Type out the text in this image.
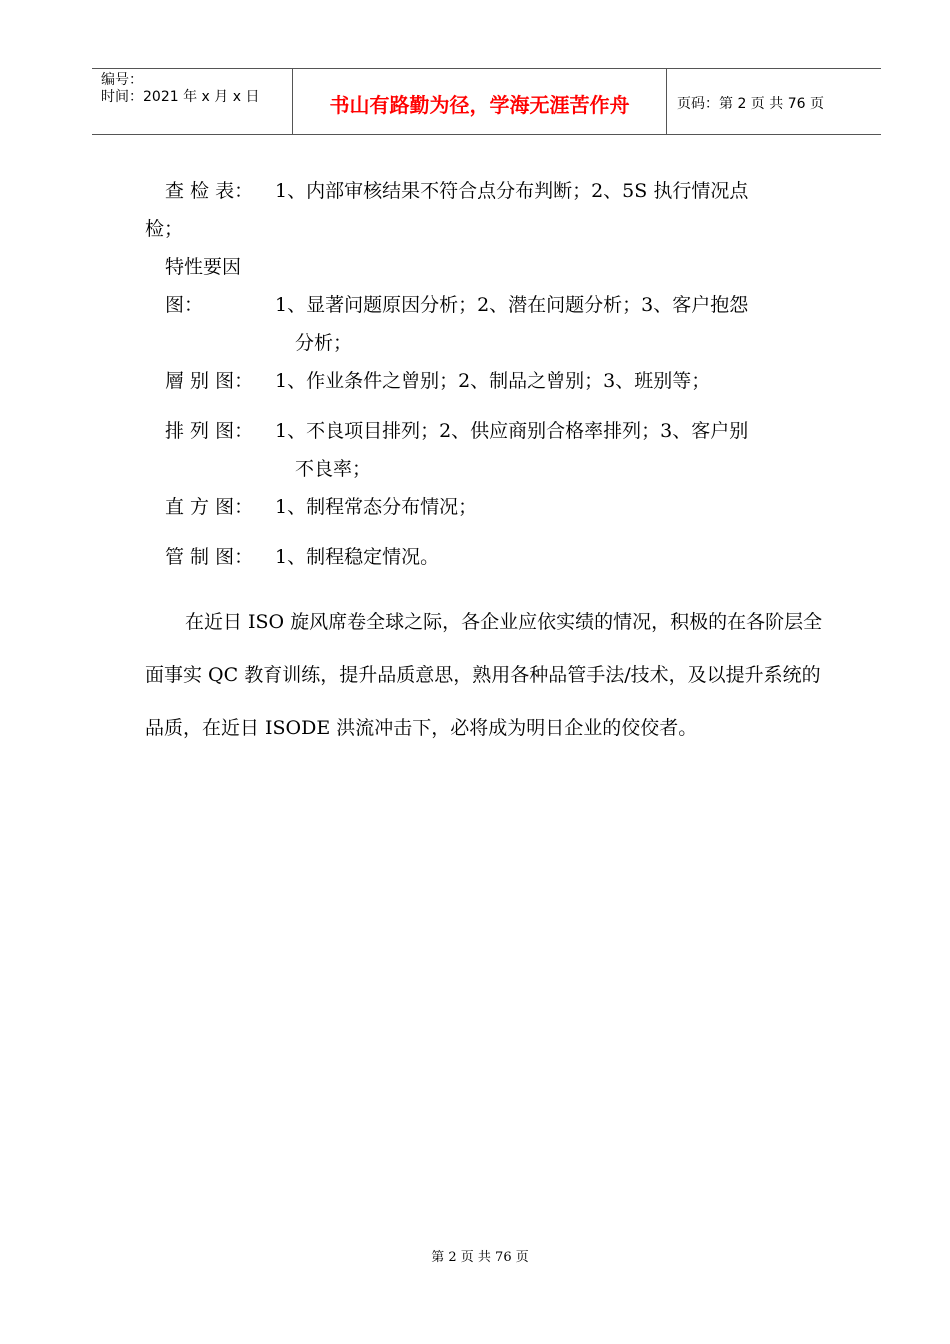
编号：
时间：2021 年 x 月 x 日	书山有路勤为径，学海无涯苦作舟	页码：第 2 页 共 76 页
查 检 表： 1、内部审核结果不符合点分布判断；2、5S 执行情况点
检；
特性要因图：	1、显著问题原因分析；2、潜在问题分析；3、客户抱怨
分析；
層 别 图： 1、作业条件之曾别；2、制品之曾别；3、班别等；
排 列 图： 1、不良项目排列；2、供应商别合格率排列；3、客户别
不良率；
直 方 图： 1、制程常态分布情况；
管 制 图： 1、制程稳定情况。
在近日 ISO 旋风席卷全球之际，各企业应依实绩的情况，积极的在各阶层全面事实 QC 教育训练，提升品质意思，熟用各种品管手法/技术，及以提升系统的品质，在近日 ISODE 洪流冲击下，必将成为明日企业的佼佼者。
第 2 页 共 76 页
